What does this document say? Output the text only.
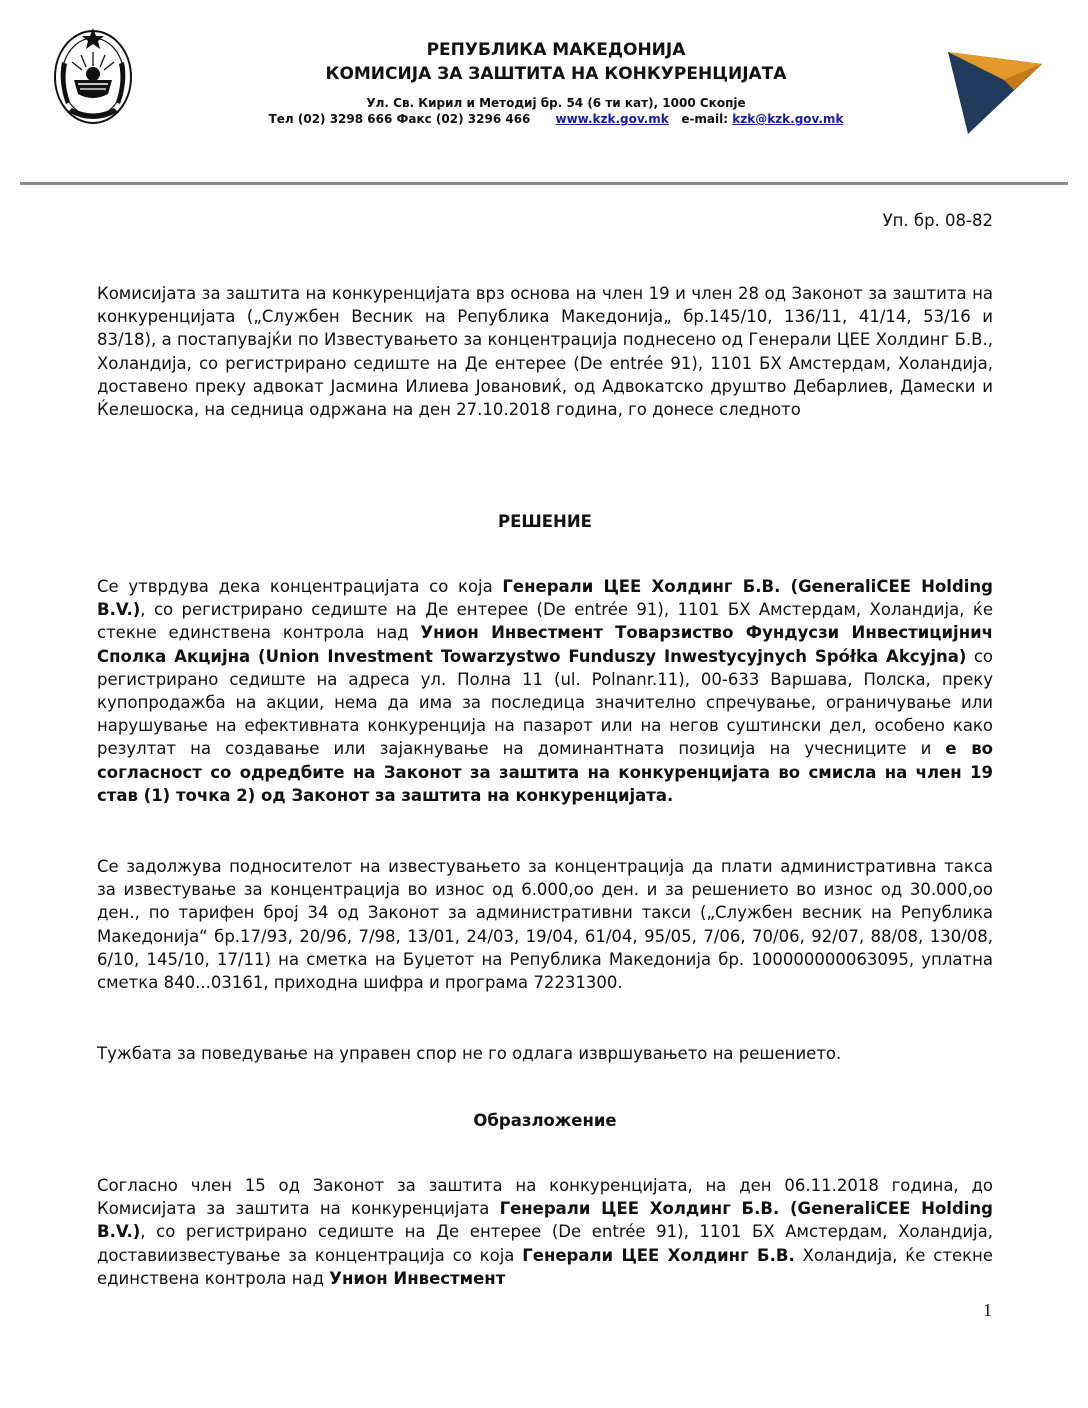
РЕПУБЛИКА МАКЕДОНИЈА
КОМИСИЈА ЗА ЗАШТИТА НА КОНКУРЕНЦИЈАТА
Ул. Св. Кирил и Методиј бр. 54 (6 ти кат), 1000 Скопје
Тел (02) 3298 666 Факс (02) 3296 466 www.kzk.gov.mk e-mail: kzk@kzk.gov.mk
Уп. бр. 08-82

Комисијата за заштита на конкуренцијата врз основа на член 19 и член 28 од Законот за заштита на конкуренцијата („Службен Весник на Република Македонија„ бр.145/10, 136/11, 41/14, 53/16 и 83/18), а постапувајќи по Известувањето за концентрација поднесено од Генерали ЦЕЕ Холдинг Б.В., Холандија, со регистрирано седиште на Де ентерее (De entrée 91), 1101 БХ Амстердам, Холандија, доставено преку адвокат Јасмина Илиева Јовановиќ, од Адвокатско друштво Дебарлиев, Дамески и Ќелешоска, на седница одржана на ден 27.10.2018 година, го донесе следното

РЕШЕНИЕ

Се утврдува дека концентрацијата со која Генерали ЦЕЕ Холдинг Б.В. (GeneraliCEE Holding B.V.), со регистрирано седиште на Де ентерее (De entrée 91), 1101 БХ Амстердам, Холандија, ќе стекне единствена контрола над Унион Инвестмент Товарзиство Фундусзи Инвестицијнич Сполка Акцијна (Union Investment Towarzystwo Funduszy Inwestycyjnych Spółka Akcyjna) со регистрирано седиште на адреса ул. Полна 11 (ul. Polnanr.11), 00-633 Варшава, Полска, преку купопродажба на акции, нема да има за последица значително спречување, ограничување или нарушување на ефективната конкуренција на пазарот или на негов суштински дел, особено како резултат на создавање или зајакнување на доминантната позиција на учесниците и е во согласност со одредбите на Законот за заштита на конкуренцијата во смисла на член 19 став (1) точка 2) од Законот за заштита на конкуренцијата.

Се задолжува подносителот на известувањето за концентрација да плати административна такса за известување за концентрација во износ од 6.000,оо ден. и за решението во износ од 30.000,оо ден., по тарифен број 34 од Законот за административни такси („Службен весник на Република Македонија“ бр.17/93, 20/96, 7/98, 13/01, 24/03, 19/04, 61/04, 95/05, 7/06, 70/06, 92/07, 88/08, 130/08, 6/10, 145/10, 17/11) на сметка на Буџетот на Република Македонија бр. 100000000063095, уплатна сметка 840...03161, приходна шифра и програма 72231300.

Тужбата за поведување на управен спор не го одлага извршувањето на решението.

Образложение

Согласно член 15 од Законот за заштита на конкуренцијата, на ден 06.11.2018 година, до Комисијата за заштита на конкуренцијата Генерали ЦЕЕ Холдинг Б.В. (GeneraliCEE Holding B.V.), со регистрирано седиште на Де ентерее (De entrée 91), 1101 БХ Амстердам, Холандија, доставиизвестување за концентрација со која Генерали ЦЕЕ Холдинг Б.В. Холандија, ќе стекне единствена контрола над Унион Инвестмент

1
